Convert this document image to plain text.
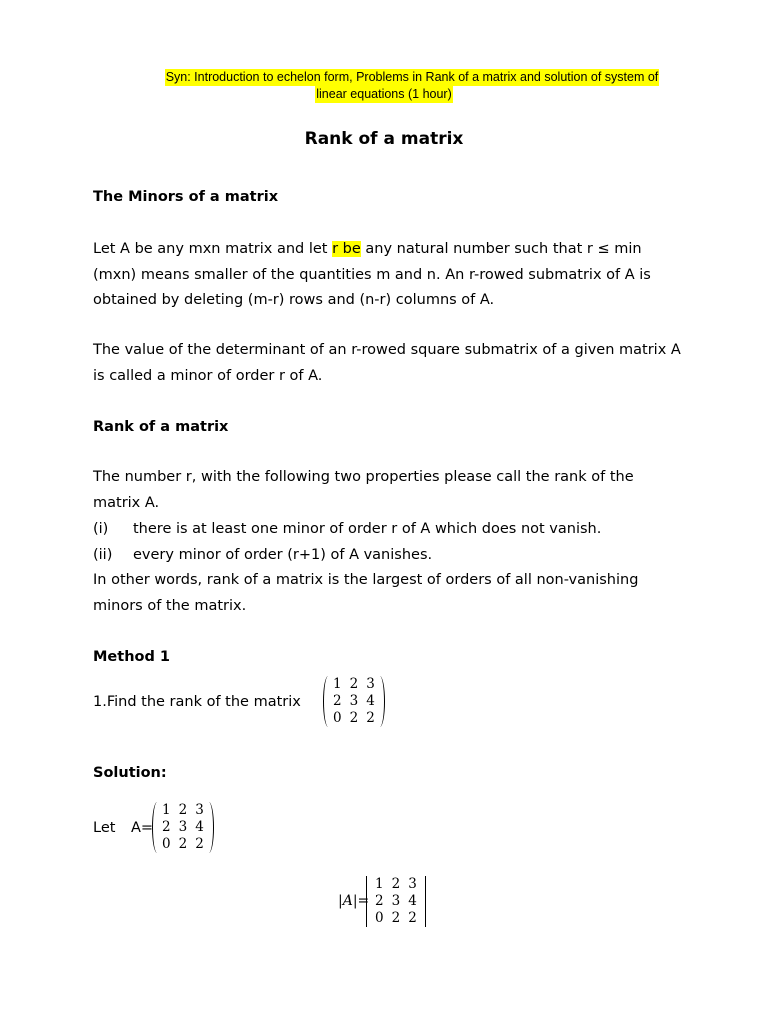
Syn: Introduction to echelon form, Problems in Rank of a matrix and solution of system of
linear equations (1 hour)
Rank of a matrix
The Minors of a matrix
Let A be any mxn matrix and let r be any natural number such that r ≤ min (mxn) means smaller of the quantities m and n. An r-rowed submatrix of A is obtained by deleting (m-r) rows and (n-r) columns of A.
The value of the determinant of an r-rowed square submatrix of a given matrix A is called a minor of order r of A.
Rank of a matrix
The number r, with the following two properties please call the rank of the matrix A.
(i) there is at least one minor of order r of A which does not vanish.
(ii) every minor of order (r+1) of A vanishes.
In other words, rank of a matrix is the largest of orders of all non-vanishing minors of the matrix.
Method 1
1.Find the rank of the matrix
1	2	3
2	3	4
0	2	2
Solution:
Let A=
1	2	3
2	3	4
0	2	2
|A|=
1	2	3
2	3	4
0	2	2
